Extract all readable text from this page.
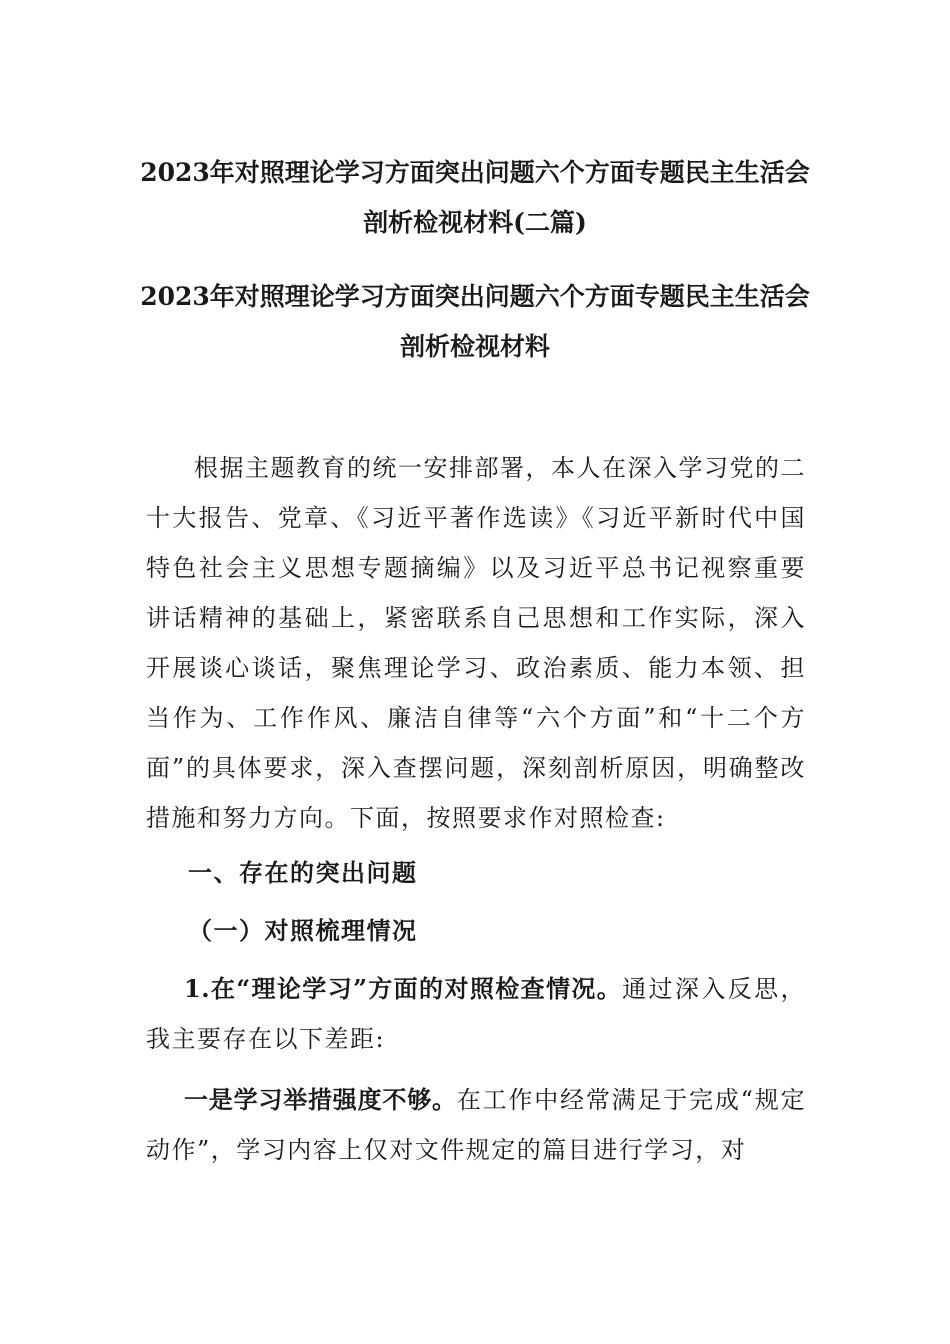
2023年对照理论学习方面突出问题六个方面专题民主生活会剖析检视材料(二篇)
2023年对照理论学习方面突出问题六个方面专题民主生活会剖析检视材料

根据主题教育的统一安排部署，本人在深入学习党的二十大报告、党章、《习近平著作选读》《习近平新时代中国特色社会主义思想专题摘编》以及习近平总书记视察重要讲话精神的基础上，紧密联系自己思想和工作实际，深入开展谈心谈话，聚焦理论学习、政治素质、能力本领、担当作为、工作作风、廉洁自律等“六个方面”和“十二个方面”的具体要求，深入查摆问题，深刻剖析原因，明确整改措施和努力方向。下面，按照要求作对照检查:

一、存在的突出问题

（一）对照梳理情况

1.在“理论学习”方面的对照检查情况。通过深入反思，我主要存在以下差距:

一是学习举措强度不够。在工作中经常满足于完成“规定动作”，学习内容上仅对文件规定的篇目进行学习，对
